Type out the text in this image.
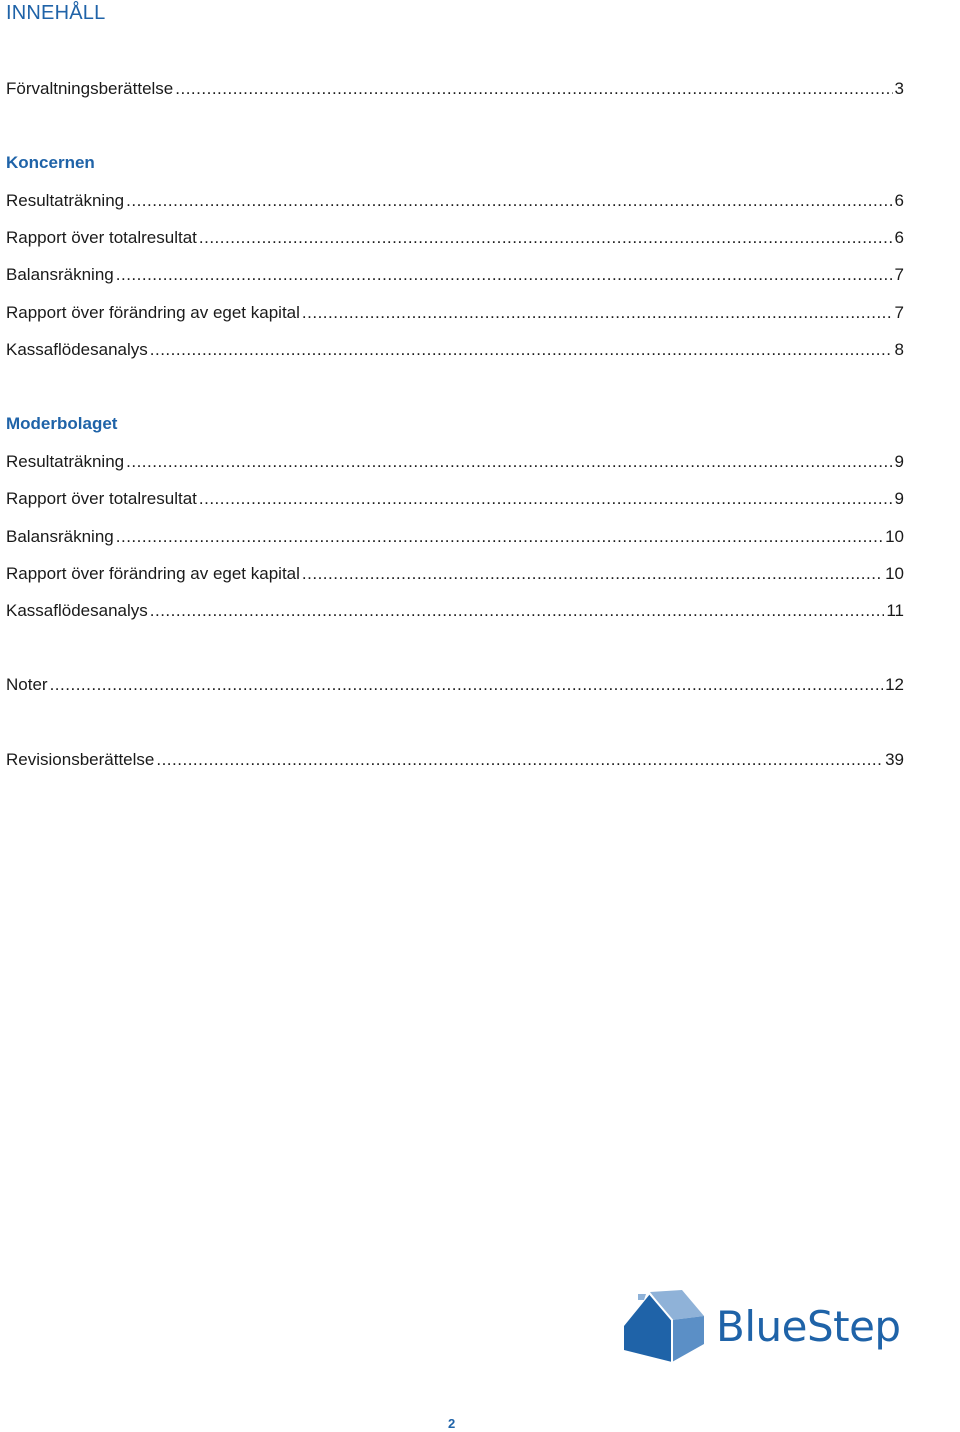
INNEHÅLL
Förvaltningsberättelse .....	3
Koncernen
Resultaträkning .....	6
Rapport över totalresultat .....	6
Balansräkning .....	7
Rapport över förändring av eget kapital .....	7
Kassaflödesanalys .....	8
Moderbolaget
Resultaträkning .....	9
Rapport över totalresultat .....	9
Balansräkning .....	10
Rapport över förändring av eget kapital .....	10
Kassaflödesanalys .....	11
Noter .....	12
Revisionsberättelse .....	39
BlueStep
2
